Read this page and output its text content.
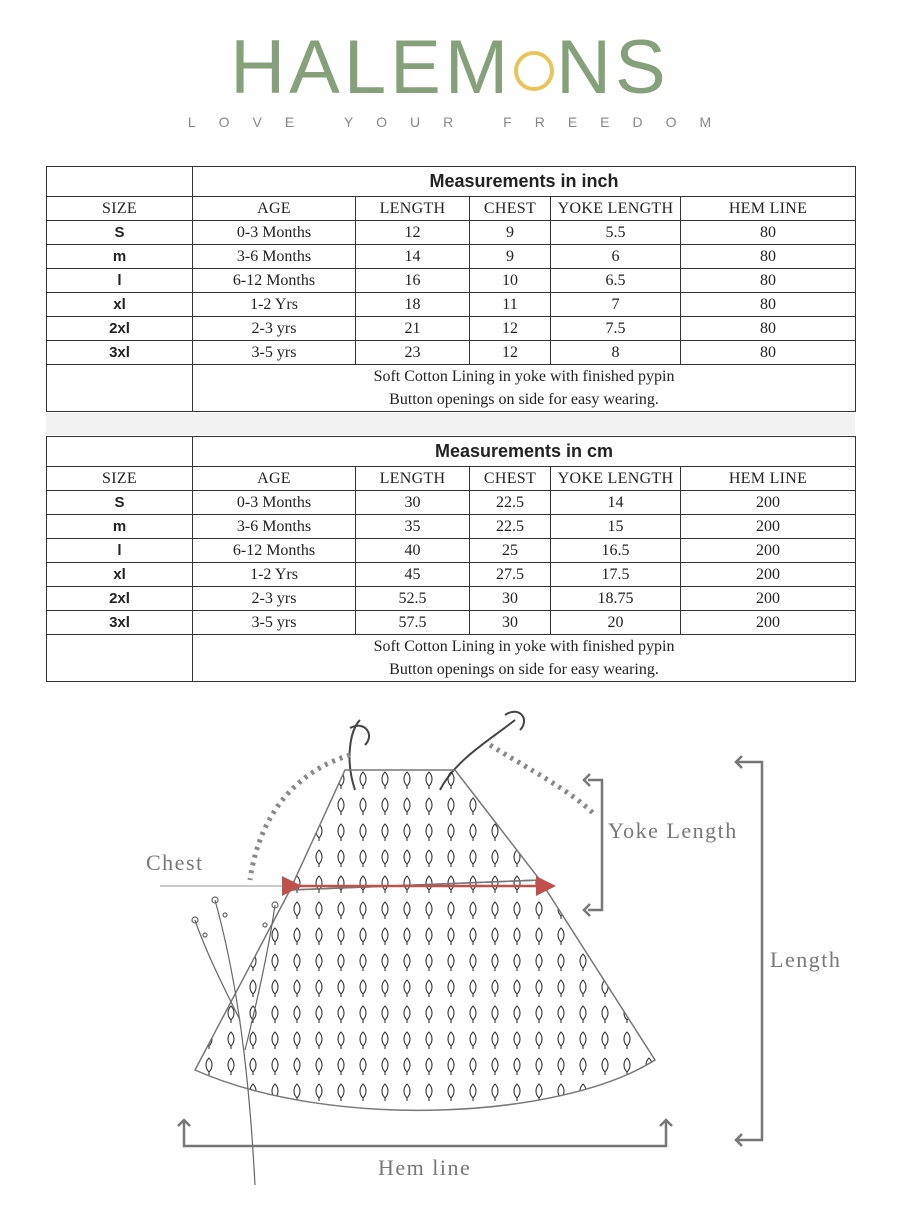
HALEM NS
LOVE YOUR FREEDOM
	Measurements in inch				
SIZE	AGE	LENGTH	CHEST	YOKE LENGTH	HEM LINE
S	0-3 Months	12	9	5.5	80
m	3-6 Months	14	9	6	80
l	6-12 Months	16	10	6.5	80
xl	1-2 Yrs	18	11	7	80
2xl	2-3 yrs	21	12	7.5	80
3xl	3-5 yrs	23	12	8	80

	Soft Cotton Lining in yoke with finished pypin
Button openings on side for easy wearing.				
	Measurements in cm				
SIZE	AGE	LENGTH	CHEST	YOKE LENGTH	HEM LINE
S	0-3 Months	30	22.5	14	200
m	3-6 Months	35	22.5	15	200
l	6-12 Months	40	25	16.5	200
xl	1-2 Yrs	45	27.5	17.5	200
2xl	2-3 yrs	52.5	30	18.75	200
3xl	3-5 yrs	57.5	30	20	200

	Soft Cotton Lining in yoke with finished pypin
Button openings on side for easy wearing.				
Chest
Yoke Length
Length
Hem line
